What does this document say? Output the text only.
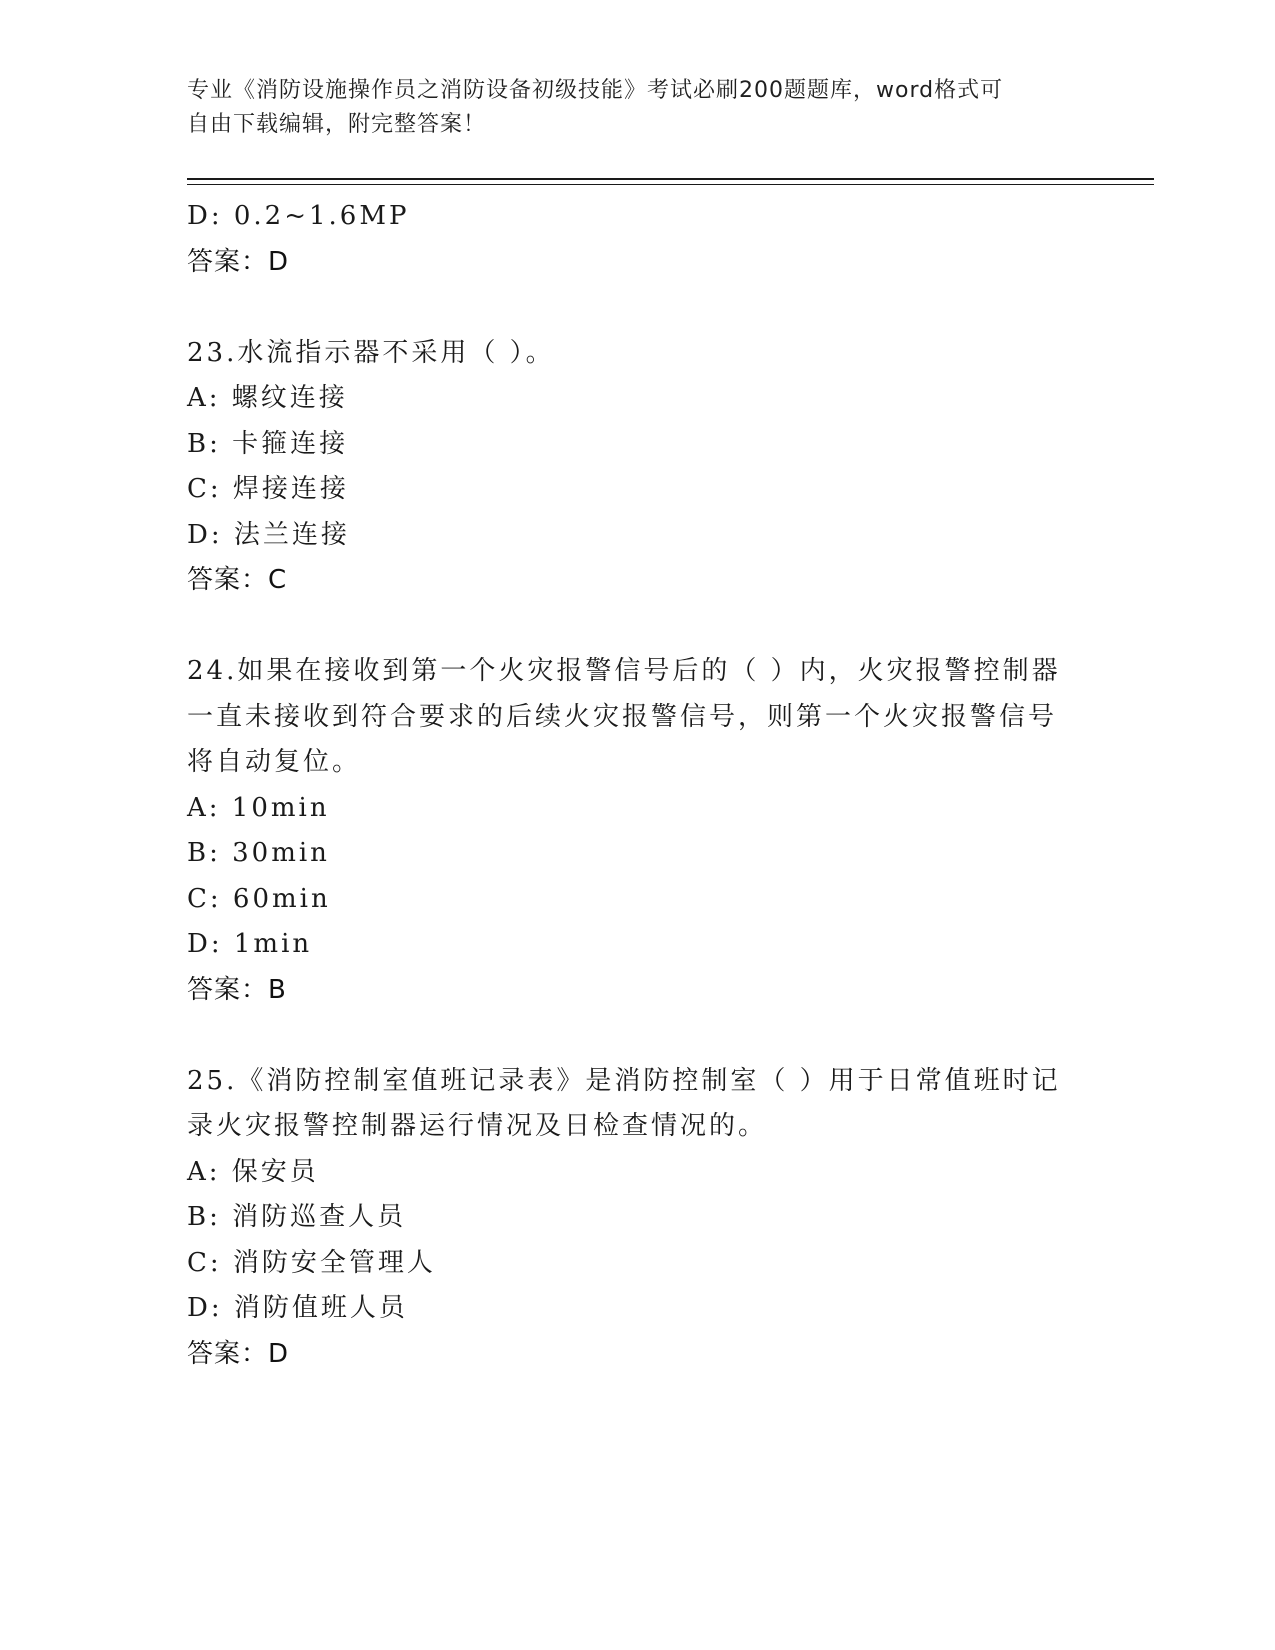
专业《消防设施操作员之消防设备初级技能》考试必刷200题题库，word格式可
自由下载编辑，附完整答案！
D: 0.2~1.6MP
答案：D
23.水流指示器不采用（ ）。
A: 螺纹连接
B: 卡箍连接
C: 焊接连接
D: 法兰连接
答案：C
24.如果在接收到第一个火灾报警信号后的（ ）内，火灾报警控制器
一直未接收到符合要求的后续火灾报警信号，则第一个火灾报警信号
将自动复位。
A: 10min
B: 30min
C: 60min
D: 1min
答案：B
25.《消防控制室值班记录表》是消防控制室（ ）用于日常值班时记
录火灾报警控制器运行情况及日检查情况的。
A: 保安员
B: 消防巡查人员
C: 消防安全管理人
D: 消防值班人员
答案：D
